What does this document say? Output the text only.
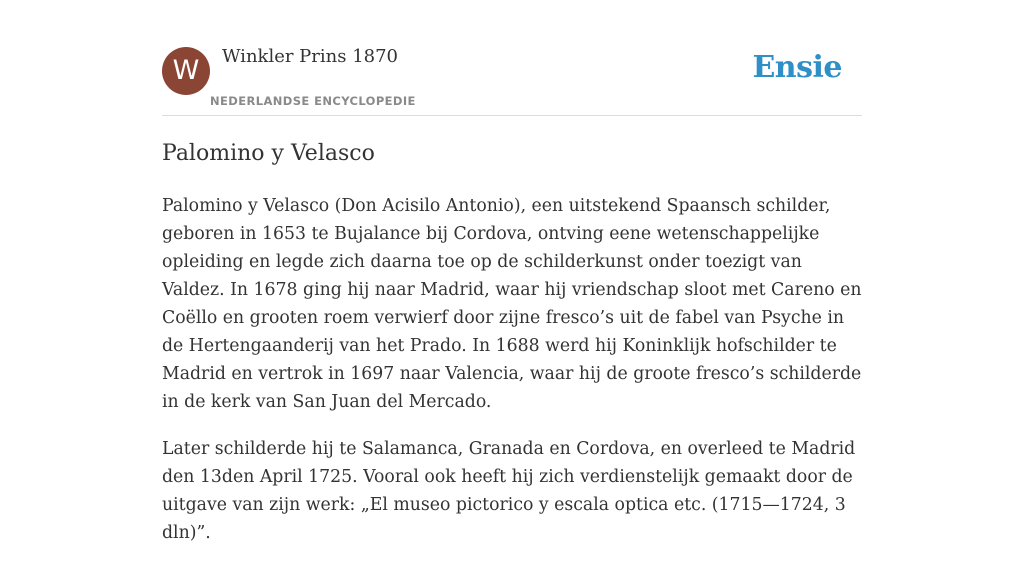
W	Winkler Prins 1870
NEDERLANDSE ENCYCLOPEDIE
Ensie
Palomino y Velasco

Palomino y Velasco (Don Acisilo Antonio), een uitstekend Spaansch schilder, geboren in 1653 te Bujalance bij Cordova, ontving eene wetenschappelijke opleiding en legde zich daarna toe op de schilderkunst onder toezigt van Valdez. In 1678 ging hij naar Madrid, waar hij vriendschap sloot met Careno en Coëllo en grooten roem verwierf door zijne fresco’s uit de fabel van Psyche in de Hertengaanderij van het Prado. In 1688 werd hij Koninklijk hofschilder te Madrid en vertrok in 1697 naar Valencia, waar hij de groote fresco’s schilderde in de kerk van San Juan del Mercado.

Later schilderde hij te Salamanca, Granada en Cordova, en overleed te Madrid den 13den April 1725. Vooral ook heeft hij zich verdienstelijk gemaakt door de uitgave van zijn werk: „El museo pictorico y escala optica etc. (1715—1724, 3 dln)”.
